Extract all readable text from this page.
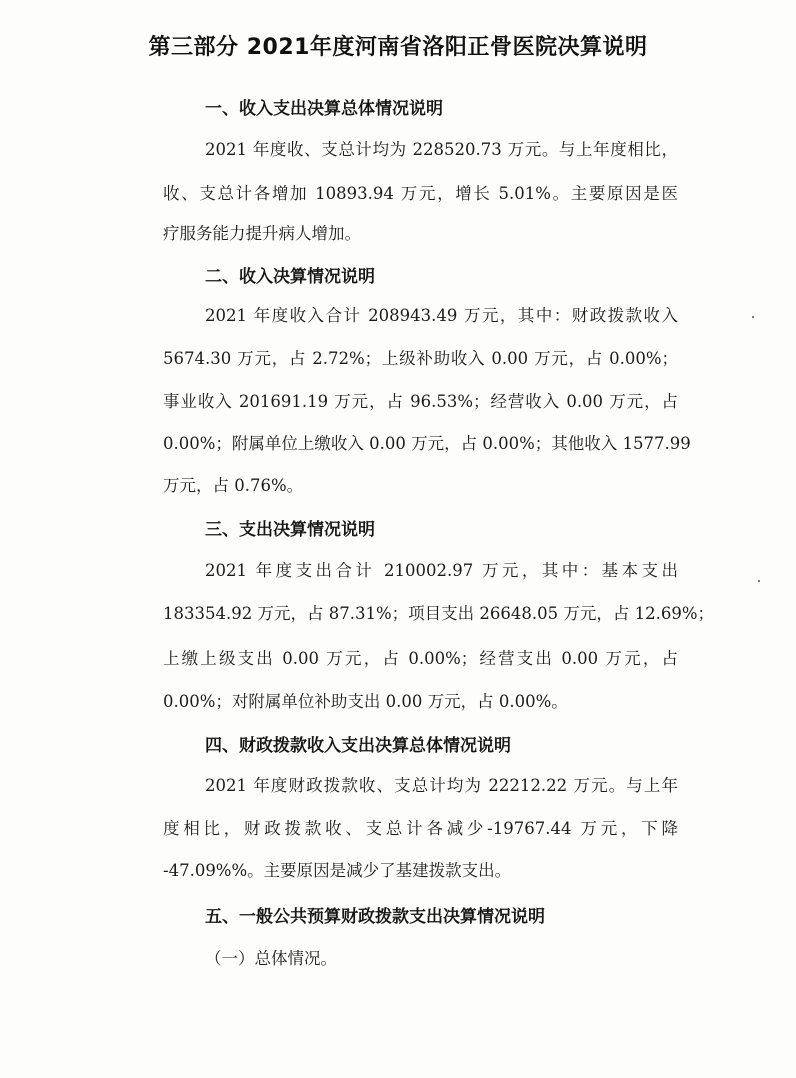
第三部分 2021年度河南省洛阳正骨医院决算说明
一、收入支出决算总体情况说明
2021 年度收、支总计均为 228520.73 万元。与上年度相比，
收、支总计各增加 10893.94 万元，增长 5.01%。主要原因是医
疗服务能力提升病人增加。
二、收入决算情况说明
2021 年度收入合计 208943.49 万元，其中：财政拨款收入
5674.30 万元，占 2.72%；上级补助收入 0.00 万元，占 0.00%；
事业收入 201691.19 万元，占 96.53%；经营收入 0.00 万元，占
0.00%；附属单位上缴收入 0.00 万元，占 0.00%；其他收入 1577.99
万元，占 0.76%。
三、支出决算情况说明
2021 年度支出合计 210002.97 万元，其中：基本支出
183354.92 万元，占 87.31%；项目支出 26648.05 万元，占 12.69%；
上缴上级支出 0.00 万元，占 0.00%；经营支出 0.00 万元，占
0.00%；对附属单位补助支出 0.00 万元，占 0.00%。
四、财政拨款收入支出决算总体情况说明
2021 年度财政拨款收、支总计均为 22212.22 万元。与上年
度相比，财政拨款收、支总计各减少-19767.44 万元，下降
-47.09%%。主要原因是减少了基建拨款支出。
五、一般公共预算财政拨款支出决算情况说明
（一）总体情况。
